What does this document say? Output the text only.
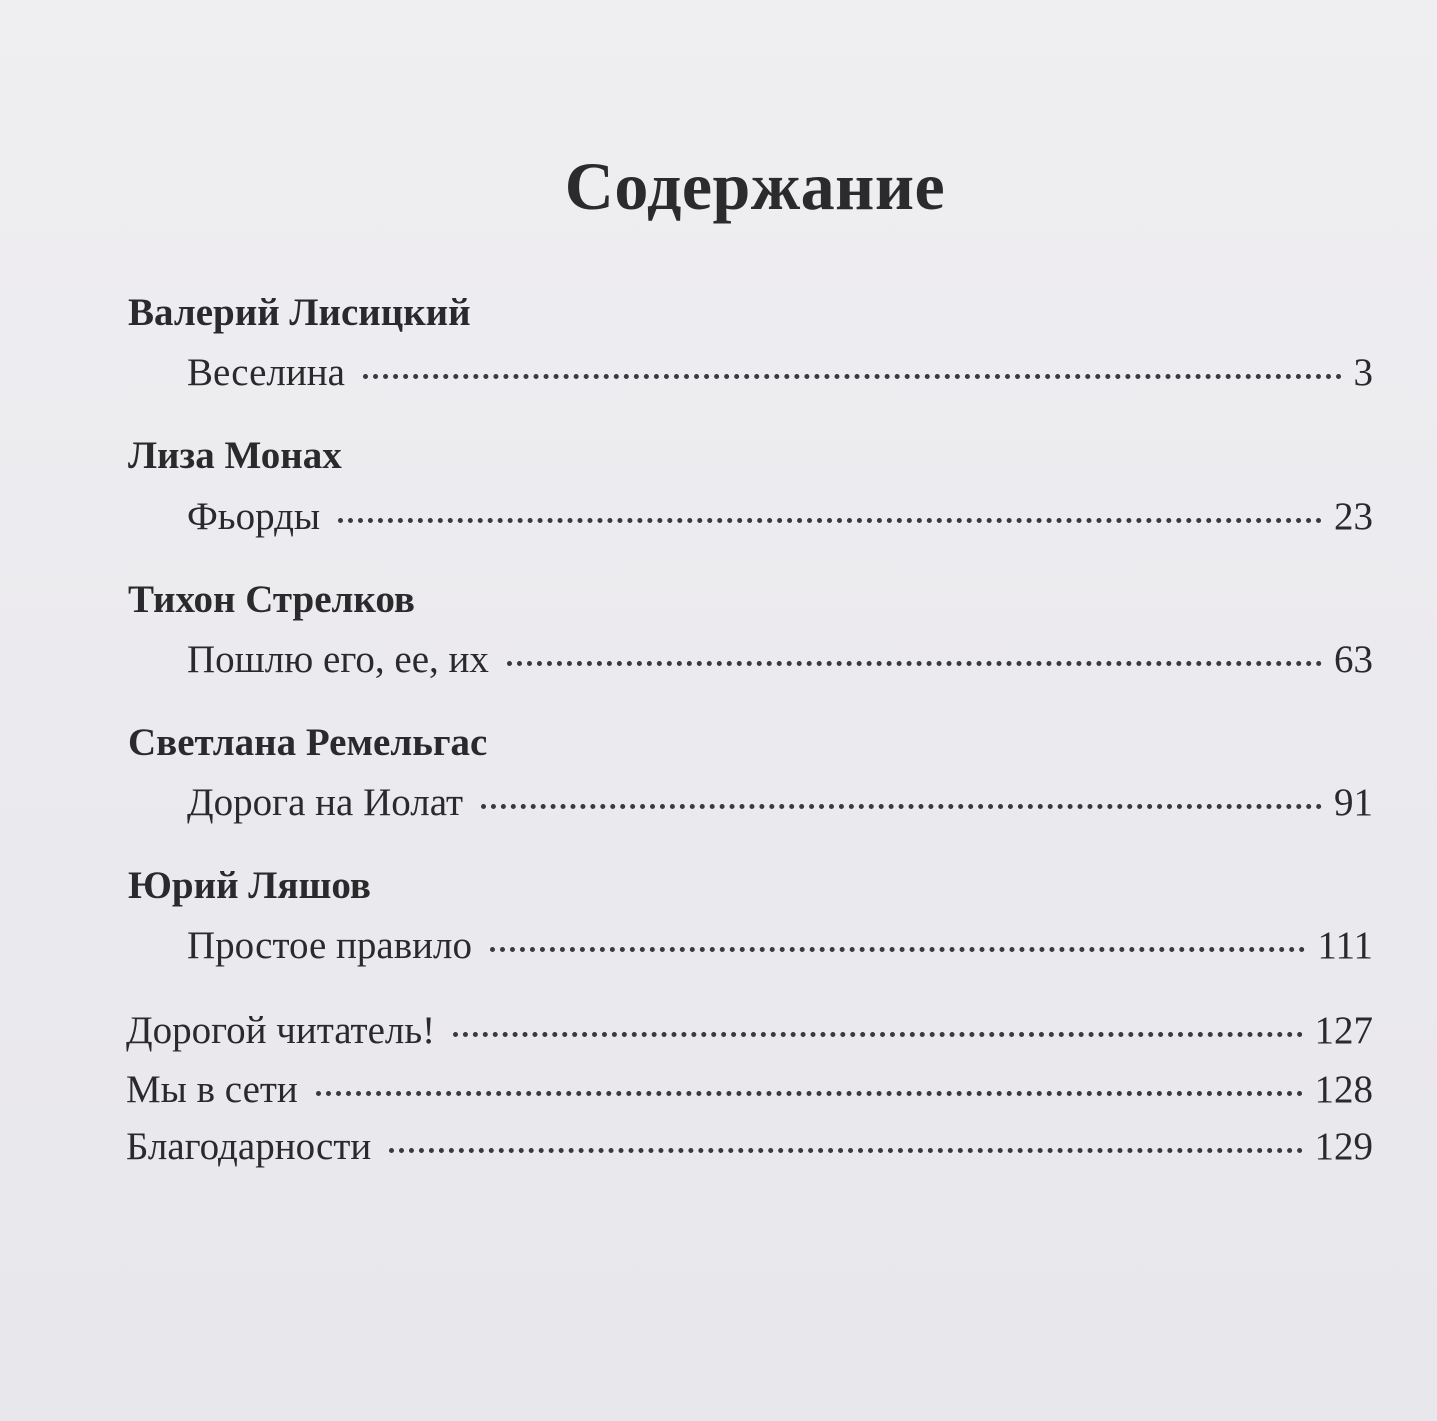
Содержание
Валерий Лисицкий
Веселина	3
Лиза Монах
Фьорды	23
Тихон Стрелков
Пошлю его, ее, их	63
Светлана Ремельгас
Дорога на Иолат	91
Юрий Ляшов
Простое правило	111
Дорогой читатель!	127
Мы в сети	128
Благодарности	129
